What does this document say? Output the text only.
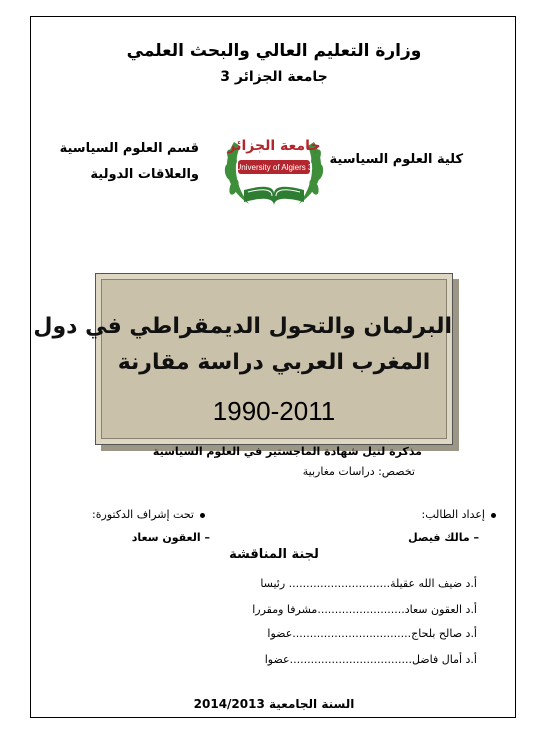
وزارة التعليم العالي والبحث العلمي
جامعة الجزائر 3
كلية العلوم السياسية
قسم العلوم السياسية
والعلاقات الدولية
جامعة الجزائر
University of Algiers 3
البرلمان والتحول الديمقراطي في دول
المغرب العربي دراسة مقارنة
1990-2011
مذكرة لنيل شهادة الماجستير في العلوم السياسية
تخصص: دراسات مغاربية
إعداد الطالب:
– مالك فيصل
تحت إشراف الدكتورة:
– العقون سعاد
لجنة المناقشة
أ.د ضيف الله عقيلة............................. رئيسا
أ.د العقون سعاد.........................مشرفا ومقررا
أ.د صالح بلحاج..................................عضوا
أ.د أمال فاضل...................................عضوا
السنة الجامعية 2014/2013
